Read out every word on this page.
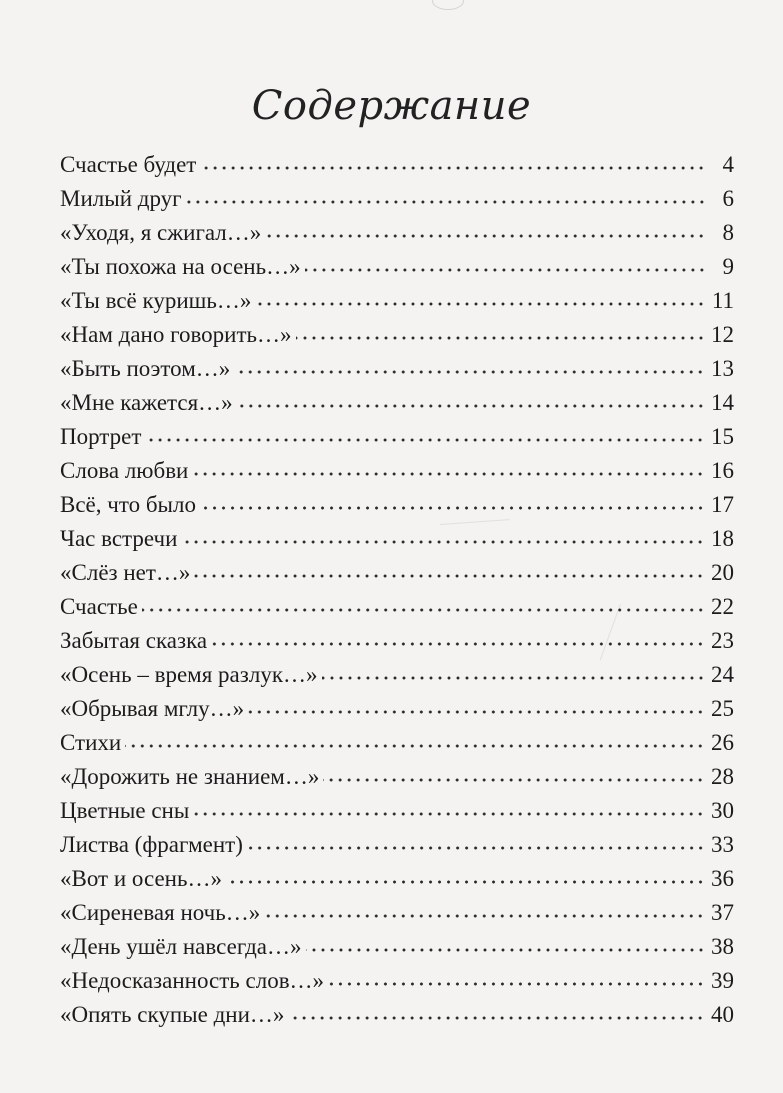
Содержание
Счастье будет	4
Милый друг	6
«Уходя, я сжигал…»	8
«Ты похожа на осень…»	9
«Ты всё куришь…»	11
«Нам дано говорить…»	12
«Быть поэтом…»	13
«Мне кажется…»	14
Портрет	15
Слова любви	16
Всё, что было	17
Час встречи	18
«Слёз нет…»	20
Счастье	22
Забытая сказка	23
«Осень – время разлук…»	24
«Обрывая мглу…»	25
Стихи	26
«Дорожить не знанием…»	28
Цветные сны	30
Листва (фрагмент)	33
«Вот и осень…»	36
«Сиреневая ночь…»	37
«День ушёл навсегда…»	38
«Недосказанность слов…»	39
«Опять скупые дни…»	40
